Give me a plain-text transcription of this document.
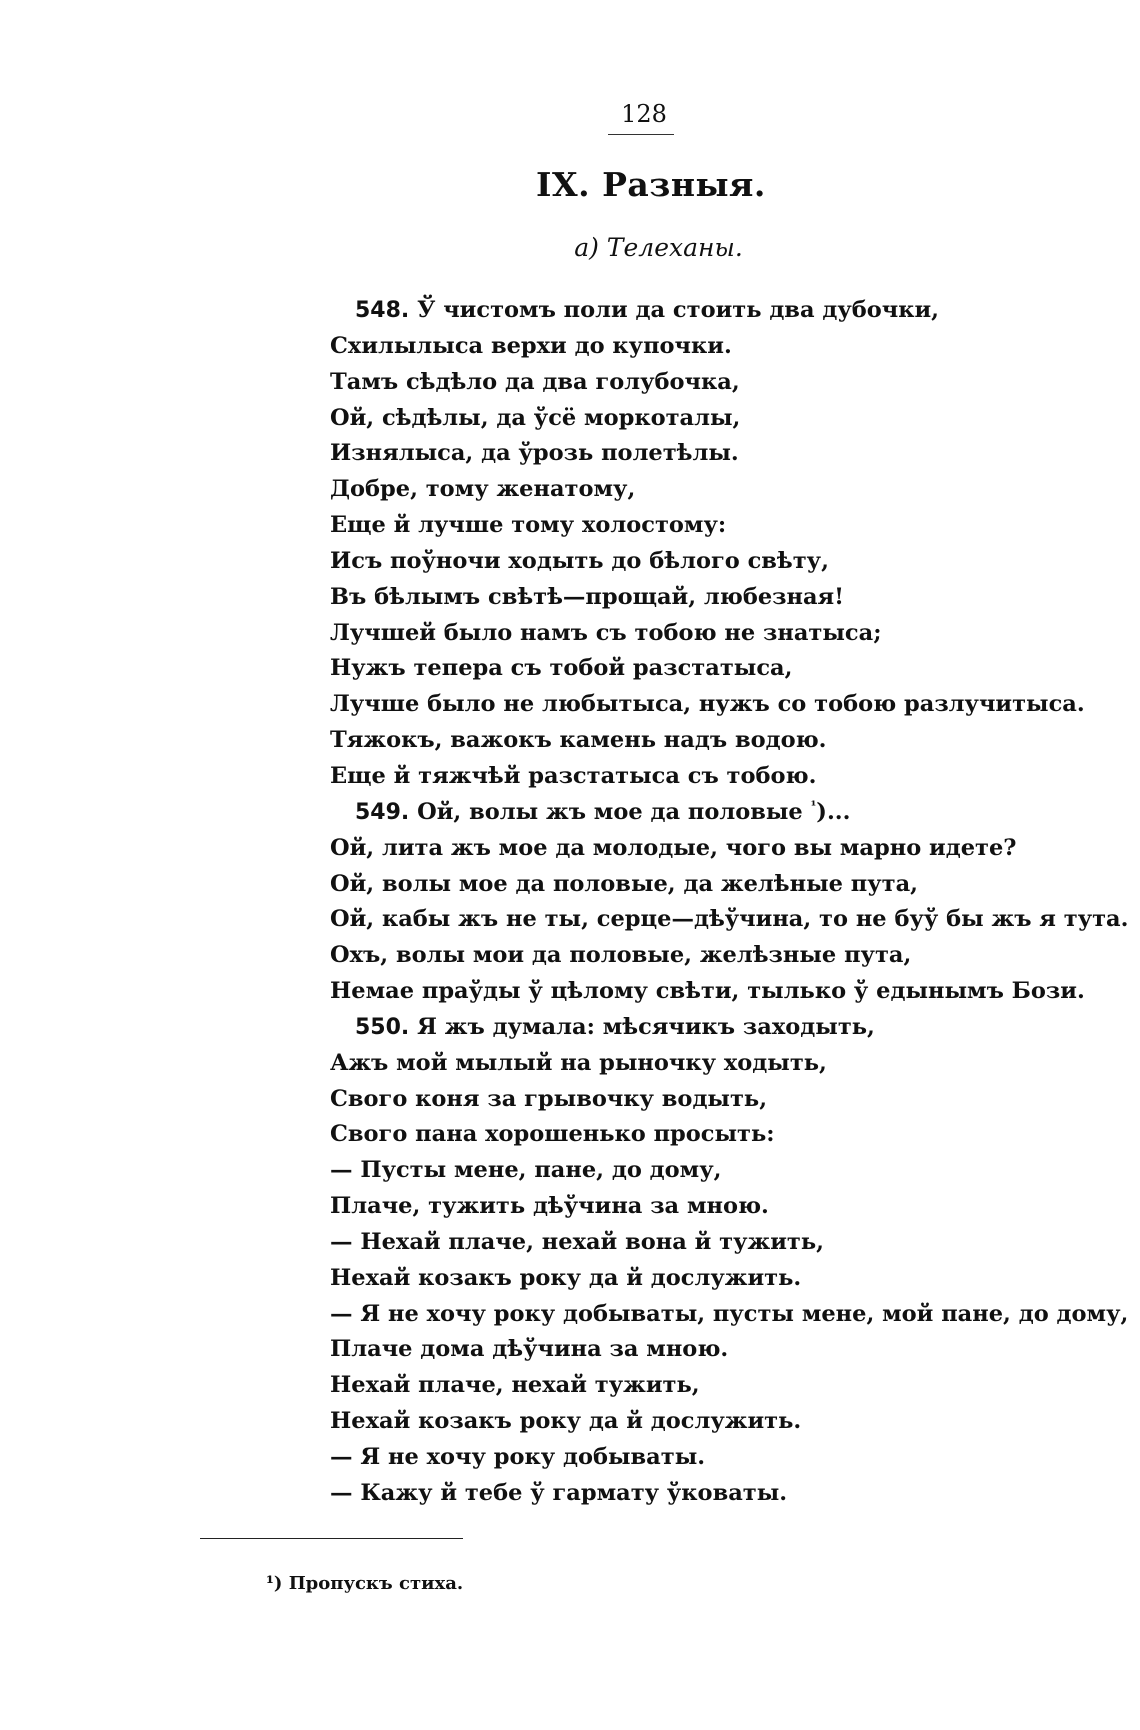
128
IX. Разныя.
a) Телеханы.
548. Ў чистомъ поли да стоить два дубочки,
Схилылыса верхи до купочки.
Тамъ сѣдѣло да два голубочка,
Ой, сѣдѣлы, да ўсё моркоталы,
Изнялыса, да ўрозь полетѣлы.
Добре, тому женатому,
Еще й лучше тому холостому:
Исъ поўночи ходыть до бѣлого свѣту,
Въ бѣлымъ свѣтѣ—прощай, любезная!
Лучшей было намъ съ тобою не знатыса;
Нужъ тепера съ тобой разстатыса,
Лучше было не любытыса, нужъ со тобою разлучитыса.
Тяжокъ, важокъ камень надъ водою.
Еще й тяжчѣй разстатыса съ тобою.
549. Ой, волы жъ мое да половые $^{^1}$)...
Ой, лита жъ мое да молодые, чого вы марно идете?
Ой, волы мое да половые, да желѣные пута,
Ой, кабы жъ не ты, серце—дѣўчина, то не буў бы жъ я тута.
Охъ, волы мои да половые, желѣзные пута,
Немае праўды ў цѣлому свѣти, тылько ў едынымъ Бози.
550. Я жъ думала: мѣсячикъ заходыть,
Ажъ мой мылый на рыночку ходыть,
Свого коня за грывочку водыть,
Свого пана хорошенько просыть:
— Пусты мене, пане, до дому,
Плаче, тужить дѣўчина за мною.
— Нехай плаче, нехай вона й тужить,
Нехай козакъ року да й дослужить.
— Я не хочу року добываты, пусты мене, мой пане, до дому,
Плаче дома дѣўчина за мною.
Нехай плаче, нехай тужить,
Нехай козакъ року да й дослужить.
— Я не хочу року добываты.
— Кажу й тебе ў гармату ўковаты.
¹) Пропускъ стиха.
